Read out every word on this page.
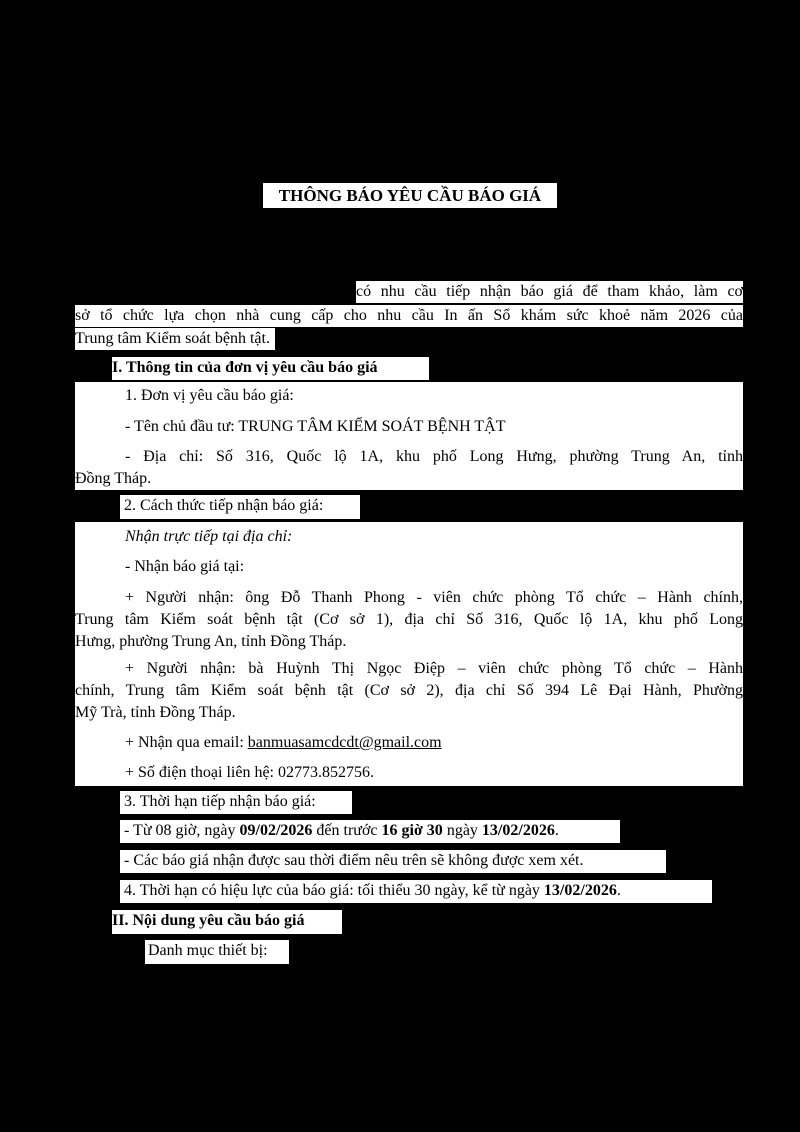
THÔNG BÁO YÊU CẦU BÁO GIÁ
có nhu cầu tiếp nhận báo giá để tham khảo, làm cơ
sở tổ chức lựa chọn nhà cung cấp cho nhu cầu In ấn Sổ khám sức khoẻ năm 2026 của
Trung tâm Kiểm soát bệnh tật.
I. Thông tin của đơn vị yêu cầu báo giá
1. Đơn vị yêu cầu báo giá:
- Tên chủ đầu tư: TRUNG TÂM KIỂM SOÁT BỆNH TẬT
- Địa chỉ: Số 316, Quốc lộ 1A, khu phố Long Hưng, phường Trung An, tỉnh
Đồng Tháp.
2. Cách thức tiếp nhận báo giá:
Nhận trực tiếp tại địa chỉ:
- Nhận báo giá tại:
+ Người nhận: ông Đỗ Thanh Phong - viên chức phòng Tổ chức – Hành chính,
Trung tâm Kiểm soát bệnh tật (Cơ sở 1), địa chỉ Số 316, Quốc lộ 1A, khu phố Long
Hưng, phường Trung An, tỉnh Đồng Tháp.
+ Người nhận: bà Huỳnh Thị Ngọc Điệp – viên chức phòng Tổ chức – Hành
chính, Trung tâm Kiểm soát bệnh tật (Cơ sở 2), địa chỉ Số 394 Lê Đại Hành, Phường
Mỹ Trà, tỉnh Đồng Tháp.
+ Nhận qua email: banmuasamcdcdt@gmail.com
+ Số điện thoại liên hệ: 02773.852756.
3. Thời hạn tiếp nhận báo giá:
- Từ 08 giờ, ngày 09/02/2026 đến trước 16 giờ 30 ngày 13/02/2026.
- Các báo giá nhận được sau thời điểm nêu trên sẽ không được xem xét.
4. Thời hạn có hiệu lực của báo giá: tối thiểu 30 ngày, kể từ ngày 13/02/2026.
II. Nội dung yêu cầu báo giá
Danh mục thiết bị:
